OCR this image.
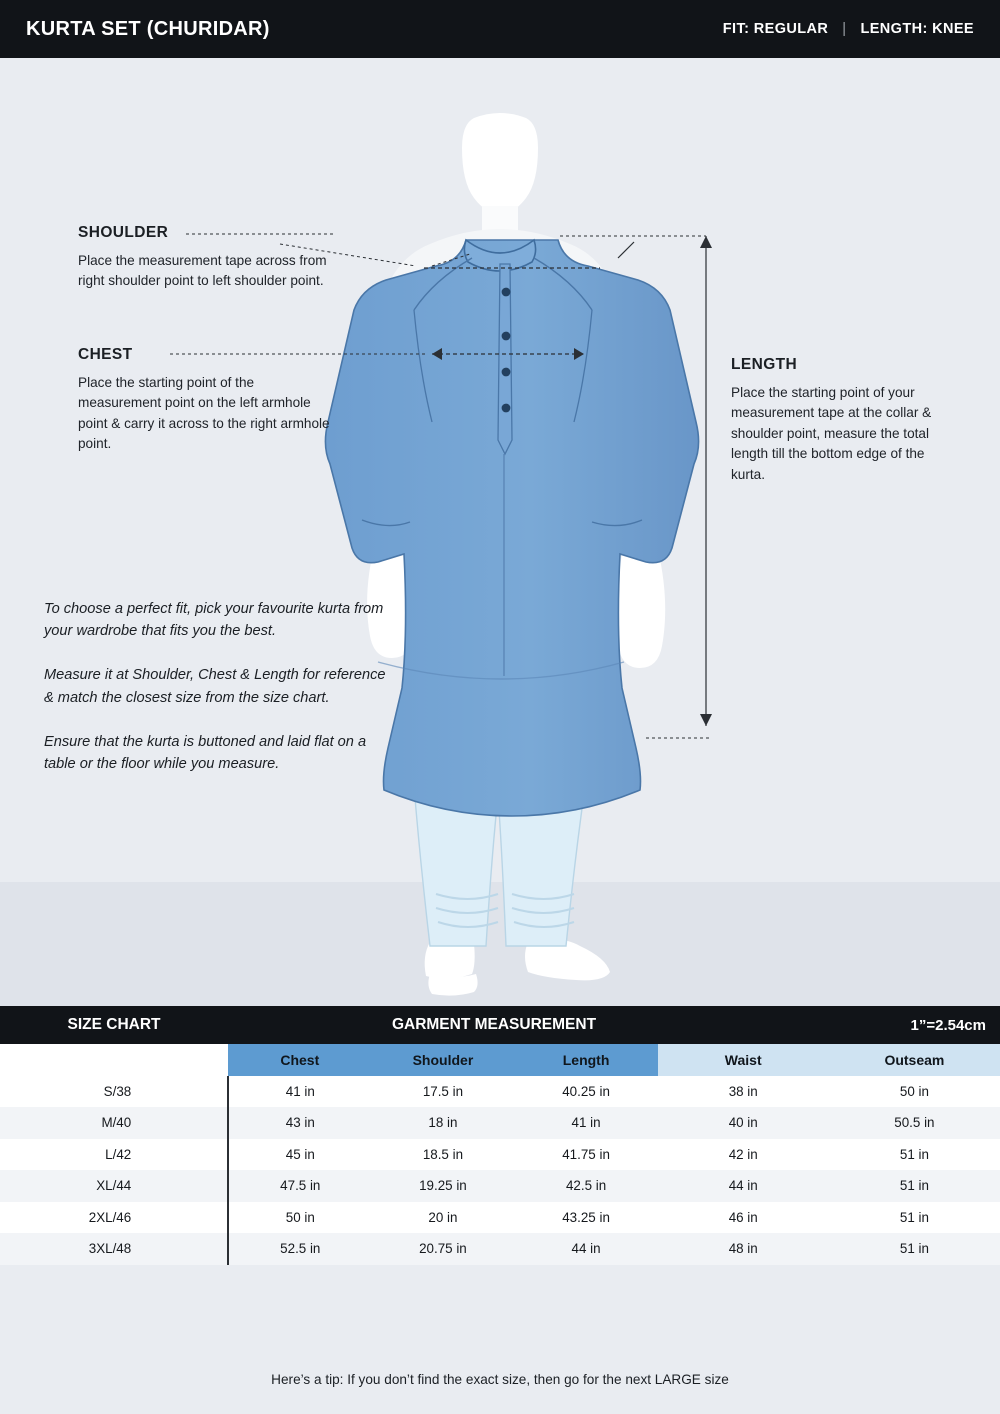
KURTA SET (CHURIDAR)	FIT: REGULAR | LENGTH: KNEE
SHOULDER

Place the measurement tape across from right shoulder point to left shoulder point.

CHEST

Place the starting point of the measurement point on the left armhole point & carry it across to the right armhole point.

LENGTH

Place the starting point of your measurement tape at the collar & shoulder point, measure the total length till the bottom edge of the kurta.

To choose a perfect fit, pick your favourite kurta from your wardrobe that fits you the best.

Measure it at Shoulder, Chest & Length for reference & match the closest size from the size chart.

Ensure that the kurta is buttoned and laid flat on a table or the floor while you measure.

SIZE CHART	GARMENT MEASUREMENT	1”=2.54cm
	Chest	Shoulder	Length	Waist	Outseam
S/38	41 in	17.5 in	40.25 in	38 in	50 in
M/40	43 in	18 in	41 in	40 in	50.5 in
L/42	45 in	18.5 in	41.75 in	42 in	51 in
XL/44	47.5 in	19.25 in	42.5 in	44 in	51 in
2XL/46	50 in	20 in	43.25 in	46 in	51 in
3XL/48	52.5 in	20.75 in	44 in	48 in	51 in
Here’s a tip: If you don’t find the exact size, then go for the next LARGE size
